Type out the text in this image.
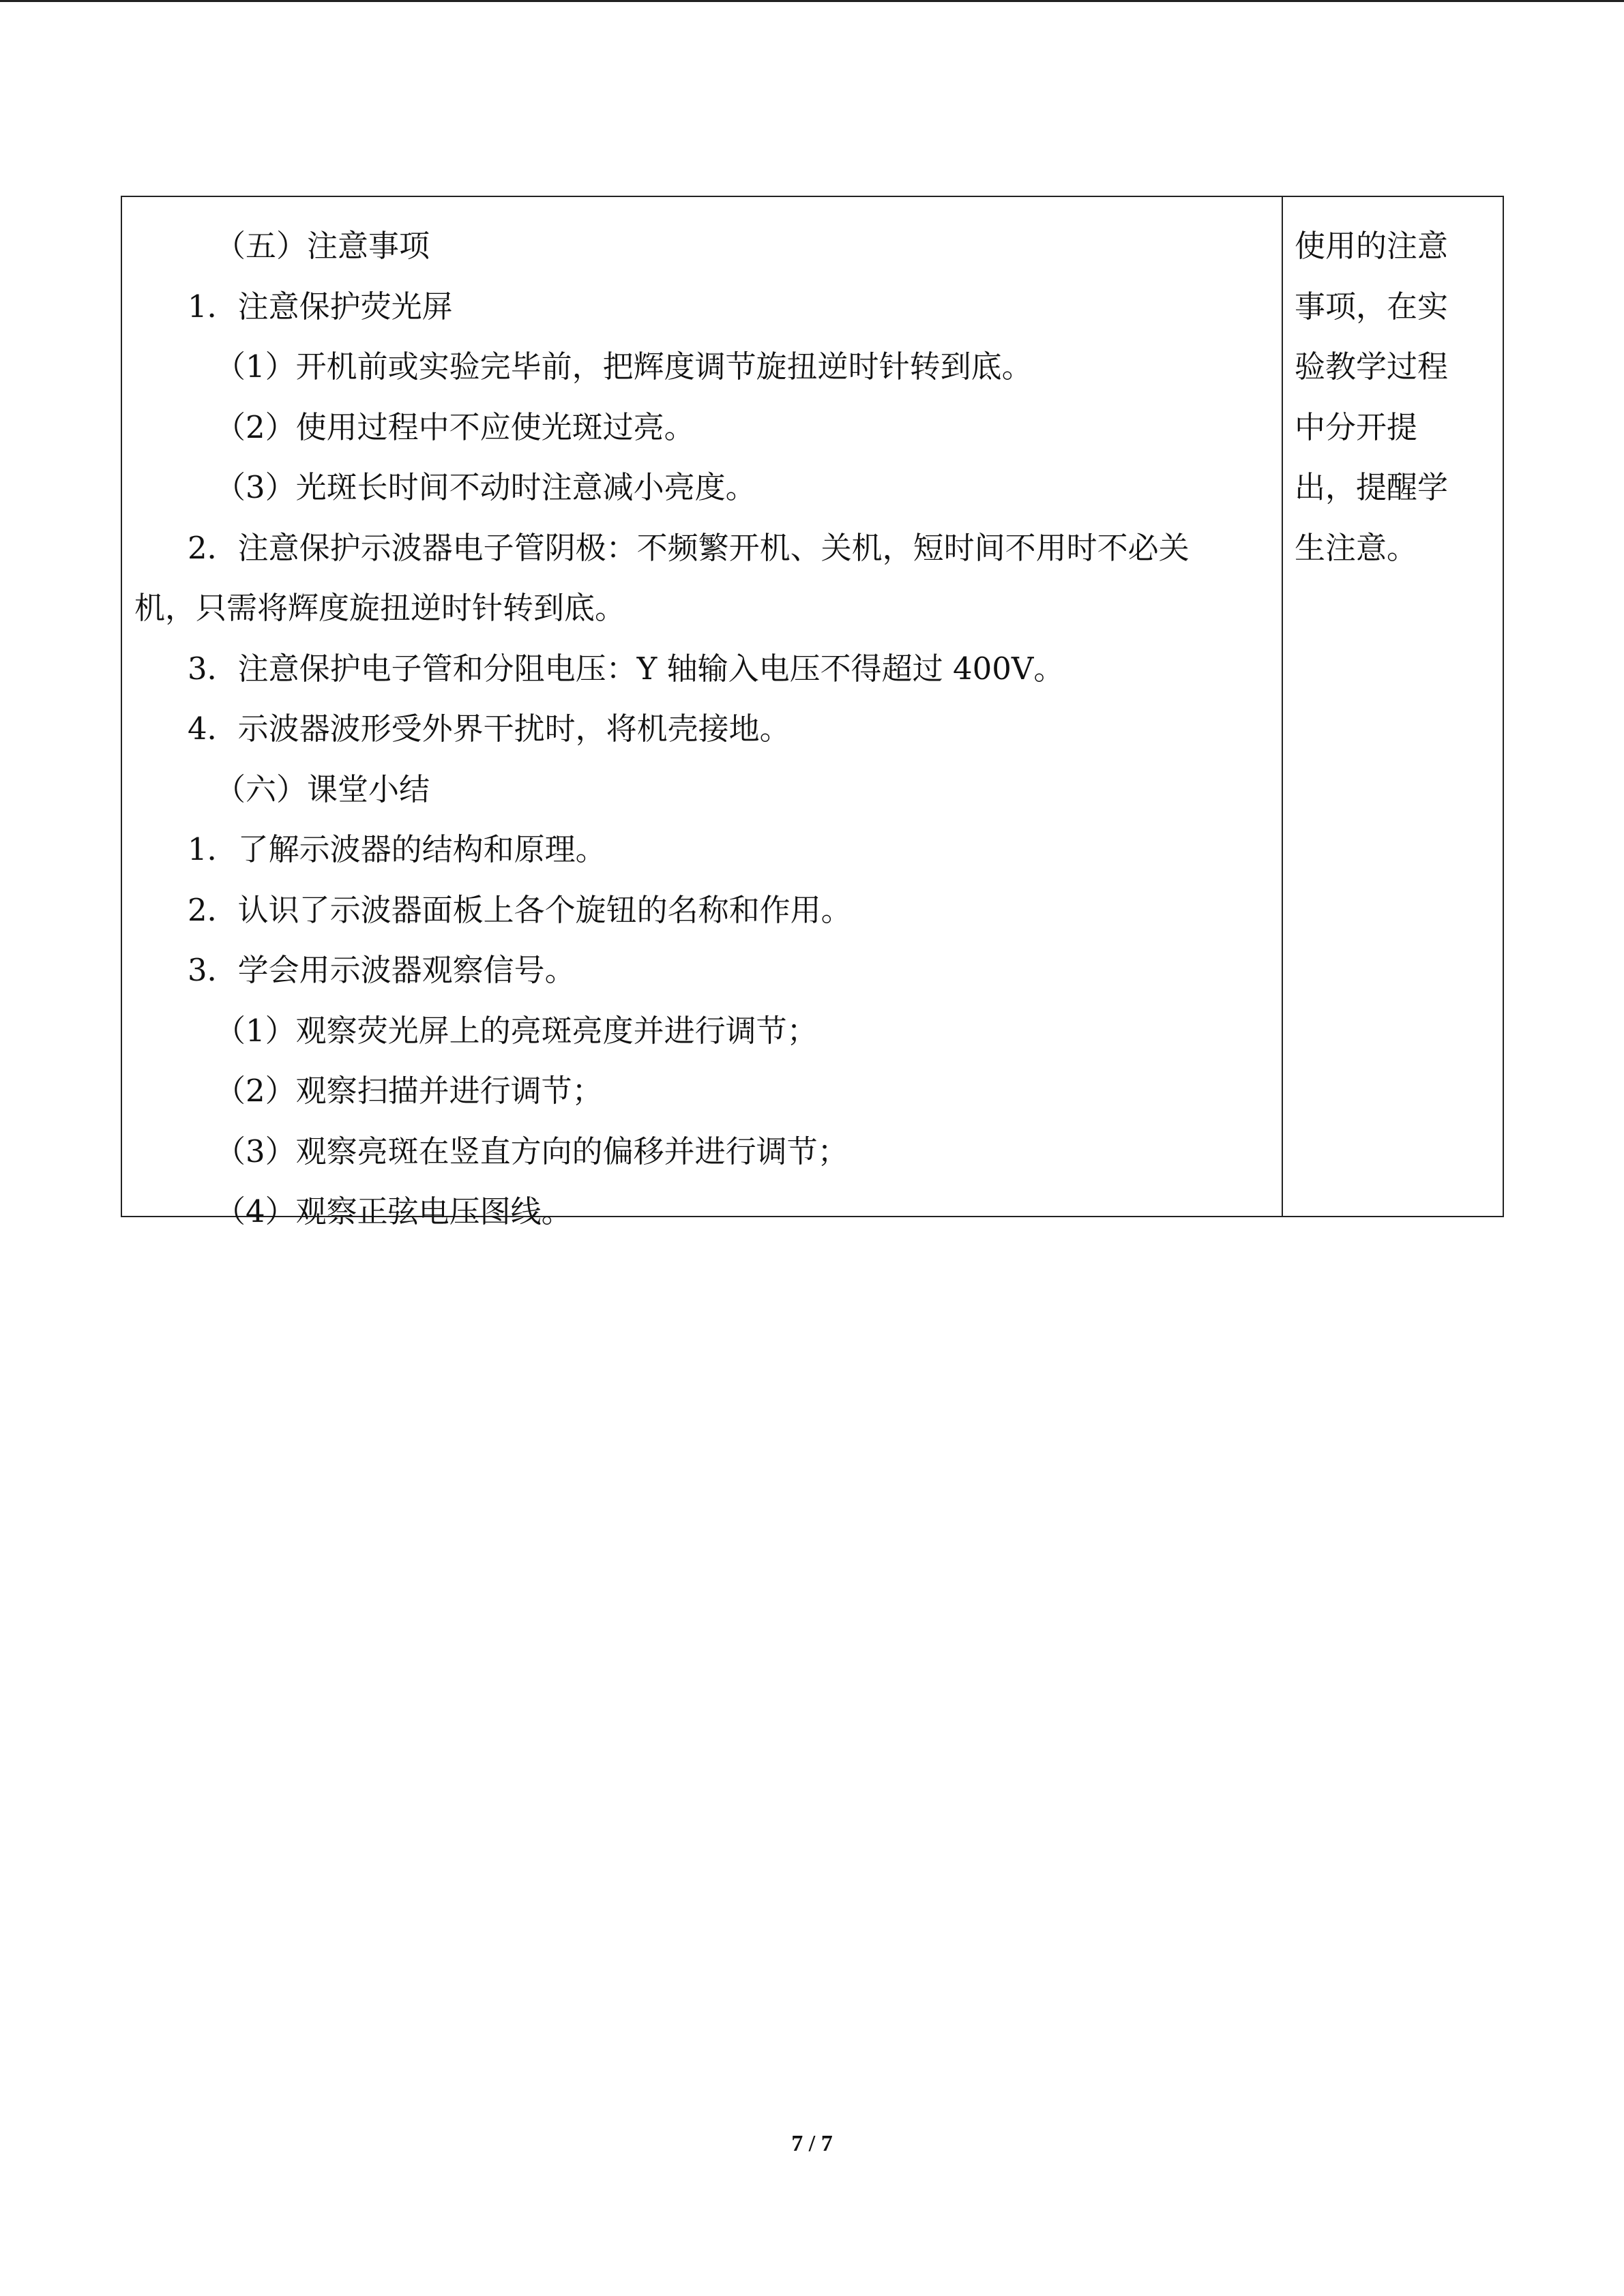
（五）注意事项
1．注意保护荧光屏
（1）开机前或实验完毕前，把辉度调节旋扭逆时针转到底。
（2）使用过程中不应使光斑过亮。
（3）光斑长时间不动时注意减小亮度。
2．注意保护示波器电子管阴极：不频繁开机、关机，短时间不用时不必关
机，只需将辉度旋扭逆时针转到底。
3．注意保护电子管和分阻电压：Y 轴输入电压不得超过 400V。
4．示波器波形受外界干扰时，将机壳接地。
（六）课堂小结
1．了解示波器的结构和原理。
2．认识了示波器面板上各个旋钮的名称和作用。
3．学会用示波器观察信号。
（1）观察荧光屏上的亮斑亮度并进行调节；
（2）观察扫描并进行调节；
（3）观察亮斑在竖直方向的偏移并进行调节；
（4）观察正弦电压图线。
使用的注意
事项，在实
验教学过程
中分开提
出，提醒学
生注意。
7 / 7
